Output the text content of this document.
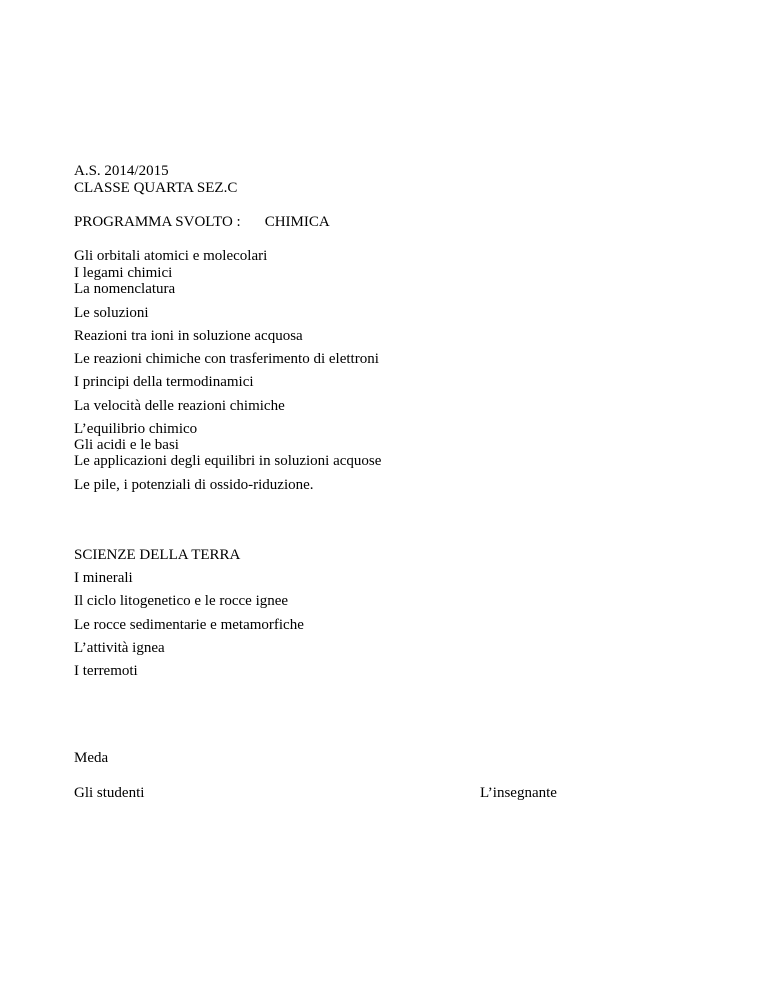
A.S. 2014/2015
CLASSE QUARTA SEZ.C
PROGRAMMA SVOLTO : CHIMICA
Gli orbitali atomici e molecolari
I legami chimici
La nomenclatura
Le soluzioni
Reazioni tra ioni in soluzione acquosa
Le reazioni chimiche con trasferimento di elettroni
I principi della termodinamici
La velocità delle reazioni chimiche
L’equilibrio chimico
Gli acidi e le basi
Le applicazioni degli equilibri in soluzioni acquose
Le pile, i potenziali di ossido-riduzione.
SCIENZE DELLA TERRA
I minerali
Il ciclo litogenetico e le rocce ignee
Le rocce sedimentarie e metamorfiche
L’attività ignea
I terremoti
Meda
Gli studenti	L’insegnante
